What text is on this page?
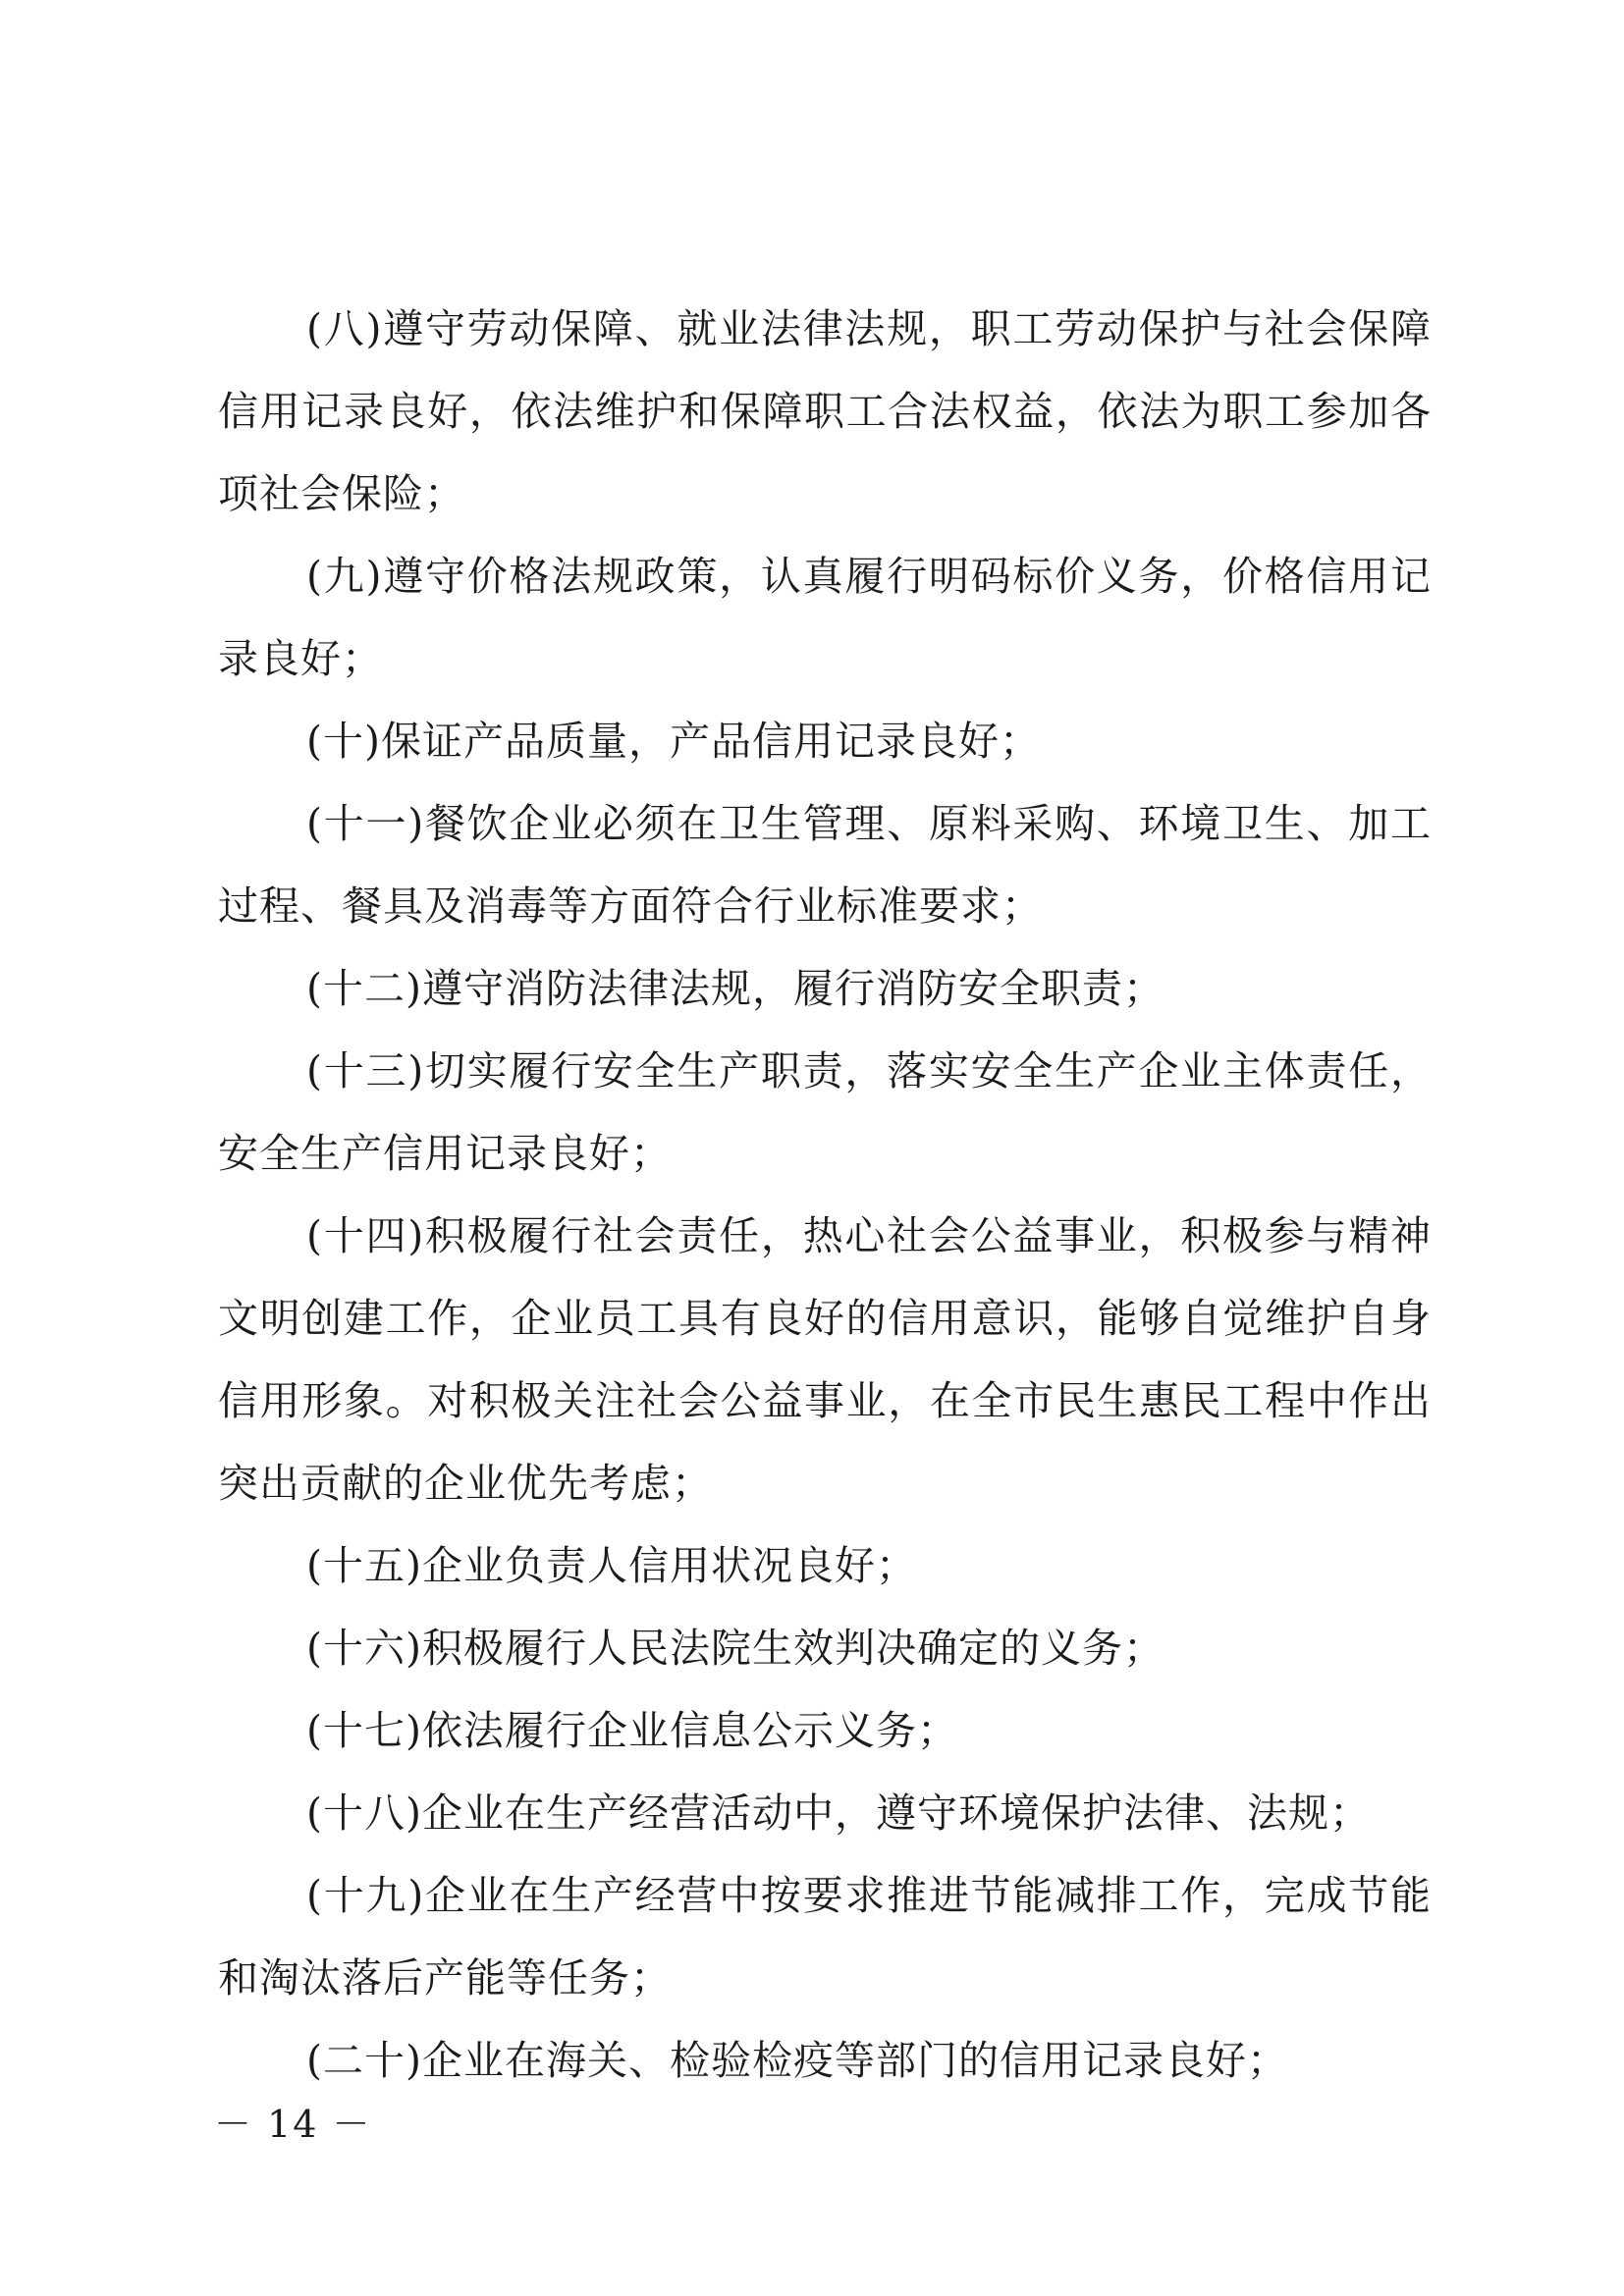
(八)遵守劳动保障、就业法律法规，职工劳动保护与社会保障信用记录良好，依法维护和保障职工合法权益，依法为职工参加各项社会保险；

(九)遵守价格法规政策，认真履行明码标价义务，价格信用记录良好；

(十)保证产品质量，产品信用记录良好；

(十一)餐饮企业必须在卫生管理、原料采购、环境卫生、加工过程、餐具及消毒等方面符合行业标准要求；

(十二)遵守消防法律法规，履行消防安全职责；

(十三)切实履行安全生产职责，落实安全生产企业主体责任，安全生产信用记录良好；

(十四)积极履行社会责任，热心社会公益事业，积极参与精神文明创建工作，企业员工具有良好的信用意识，能够自觉维护自身信用形象。对积极关注社会公益事业，在全市民生惠民工程中作出突出贡献的企业优先考虑；

(十五)企业负责人信用状况良好；

(十六)积极履行人民法院生效判决确定的义务；

(十七)依法履行企业信息公示义务；

(十八)企业在生产经营活动中，遵守环境保护法律、法规；

(十九)企业在生产经营中按要求推进节能减排工作，完成节能和淘汰落后产能等任务；

(二十)企业在海关、检验检疫等部门的信用记录良好；

－ 14 －
